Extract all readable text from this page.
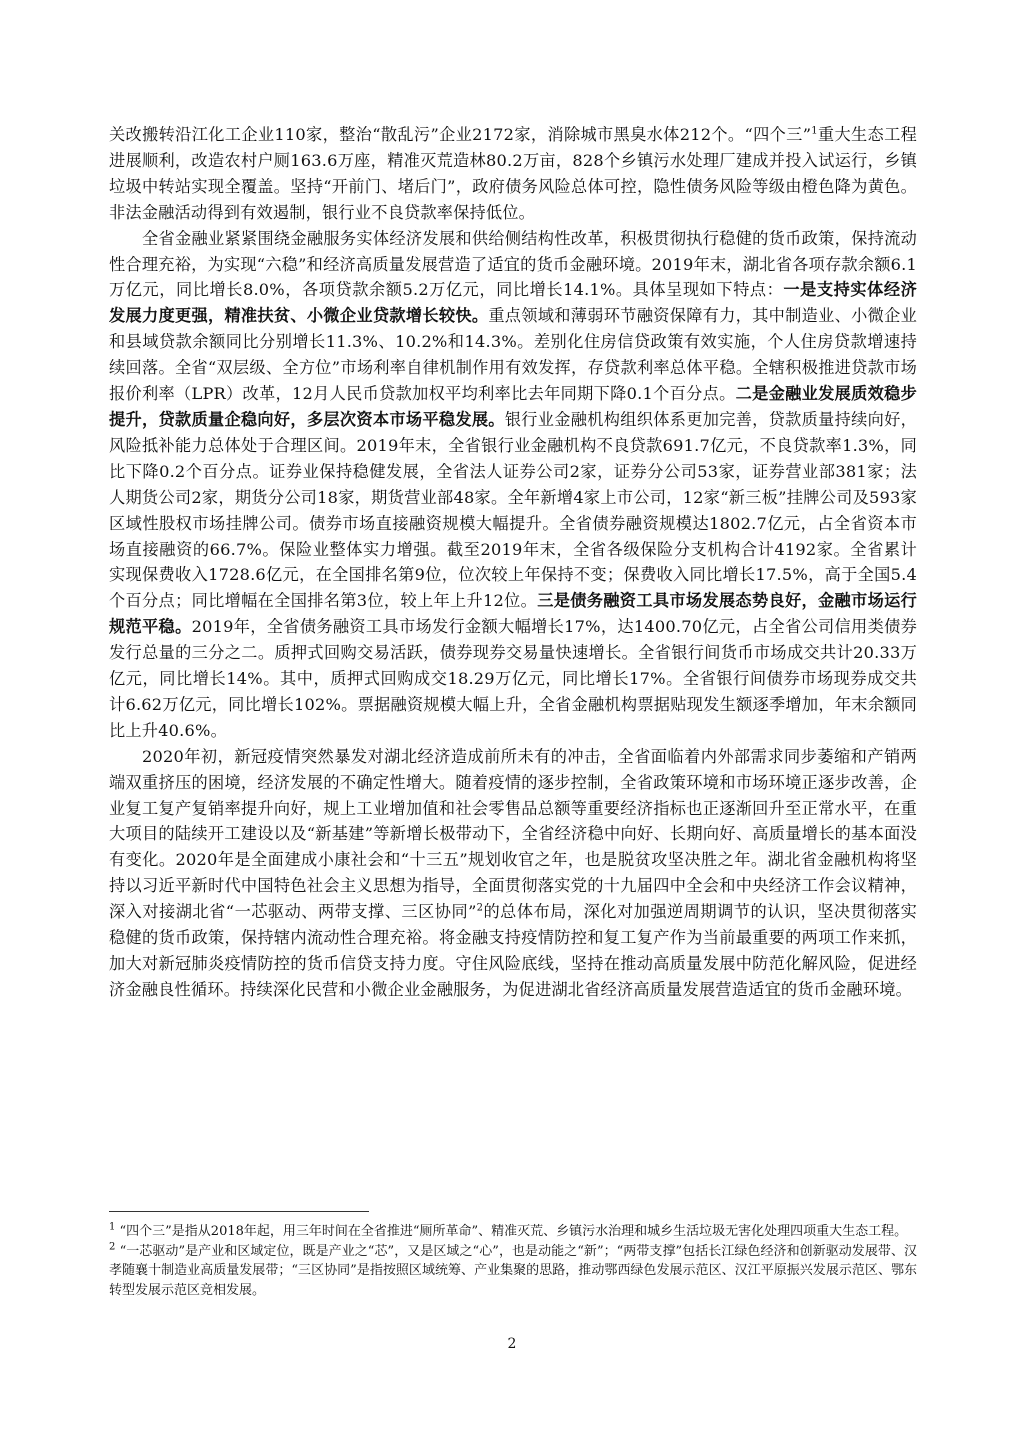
关改搬转沿江化工企业110家，整治“散乱污”企业2172家，消除城市黑臭水体212个。“四个三”$^1$重大生态工程进展顺利，改造农村户厕163.6万座，精准灭荒造林80.2万亩，828个乡镇污水处理厂建成并投入试运行，乡镇垃圾中转站实现全覆盖。坚持“开前门、堵后门”，政府债务风险总体可控，隐性债务风险等级由橙色降为黄色。非法金融活动得到有效遏制，银行业不良贷款率保持低位。

全省金融业紧紧围绕金融服务实体经济发展和供给侧结构性改革，积极贯彻执行稳健的货币政策，保持流动性合理充裕，为实现“六稳”和经济高质量发展营造了适宜的货币金融环境。2019年末，湖北省各项存款余额6.1万亿元，同比增长8.0%，各项贷款余额5.2万亿元，同比增长14.1%。具体呈现如下特点：一是支持实体经济发展力度更强，精准扶贫、小微企业贷款增长较快。重点领域和薄弱环节融资保障有力，其中制造业、小微企业和县域贷款余额同比分别增长11.3%、10.2%和14.3%。差别化住房信贷政策有效实施，个人住房贷款增速持续回落。全省“双层级、全方位”市场利率自律机制作用有效发挥，存贷款利率总体平稳。全辖积极推进贷款市场报价利率（LPR）改革，12月人民币贷款加权平均利率比去年同期下降0.1个百分点。二是金融业发展质效稳步提升，贷款质量企稳向好，多层次资本市场平稳发展。银行业金融机构组织体系更加完善，贷款质量持续向好，风险抵补能力总体处于合理区间。2019年末，全省银行业金融机构不良贷款691.7亿元，不良贷款率1.3%，同比下降0.2个百分点。证券业保持稳健发展，全省法人证券公司2家，证券分公司53家，证券营业部381家；法人期货公司2家，期货分公司18家，期货营业部48家。全年新增4家上市公司，12家“新三板”挂牌公司及593家区域性股权市场挂牌公司。债券市场直接融资规模大幅提升。全省债券融资规模达1802.7亿元，占全省资本市场直接融资的66.7%。保险业整体实力增强。截至2019年末，全省各级保险分支机构合计4192家。全省累计实现保费收入1728.6亿元，在全国排名第9位，位次较上年保持不变；保费收入同比增长17.5%，高于全国5.4个百分点；同比增幅在全国排名第3位，较上年上升12位。三是债务融资工具市场发展态势良好，金融市场运行规范平稳。2019年，全省债务融资工具市场发行金额大幅增长17%，达1400.70亿元，占全省公司信用类债券发行总量的三分之二。质押式回购交易活跃，债券现券交易量快速增长。全省银行间货币市场成交共计20.33万亿元，同比增长14%。其中，质押式回购成交18.29万亿元，同比增长17%。全省银行间债券市场现券成交共计6.62万亿元，同比增长102%。票据融资规模大幅上升，全省金融机构票据贴现发生额逐季增加，年末余额同比上升40.6%。

2020年初，新冠疫情突然暴发对湖北经济造成前所未有的冲击，全省面临着内外部需求同步萎缩和产销两端双重挤压的困境，经济发展的不确定性增大。随着疫情的逐步控制，全省政策环境和市场环境正逐步改善，企业复工复产复销率提升向好，规上工业增加值和社会零售品总额等重要经济指标也正逐渐回升至正常水平，在重大项目的陆续开工建设以及“新基建”等新增长极带动下，全省经济稳中向好、长期向好、高质量增长的基本面没有变化。2020年是全面建成小康社会和“十三五”规划收官之年，也是脱贫攻坚决胜之年。湖北省金融机构将坚持以习近平新时代中国特色社会主义思想为指导，全面贯彻落实党的十九届四中全会和中央经济工作会议精神，深入对接湖北省“一芯驱动、两带支撑、三区协同”$^2$的总体布局，深化对加强逆周期调节的认识，坚决贯彻落实稳健的货币政策，保持辖内流动性合理充裕。将金融支持疫情防控和复工复产作为当前最重要的两项工作来抓，加大对新冠肺炎疫情防控的货币信贷支持力度。守住风险底线，坚持在推动高质量发展中防范化解风险，促进经济金融良性循环。持续深化民营和小微企业金融服务，为促进湖北省经济高质量发展营造适宜的货币金融环境。

$^1$ “四个三”是指从2018年起，用三年时间在全省推进“厕所革命”、精准灭荒、乡镇污水治理和城乡生活垃圾无害化处理四项重大生态工程。

$^2$ “一芯驱动”是产业和区域定位，既是产业之“芯”，又是区域之“心”，也是动能之“新”；“两带支撑”包括长江绿色经济和创新驱动发展带、汉孝随襄十制造业高质量发展带；“三区协同”是指按照区域统筹、产业集聚的思路，推动鄂西绿色发展示范区、汉江平原振兴发展示范区、鄂东转型发展示范区竞相发展。

2
